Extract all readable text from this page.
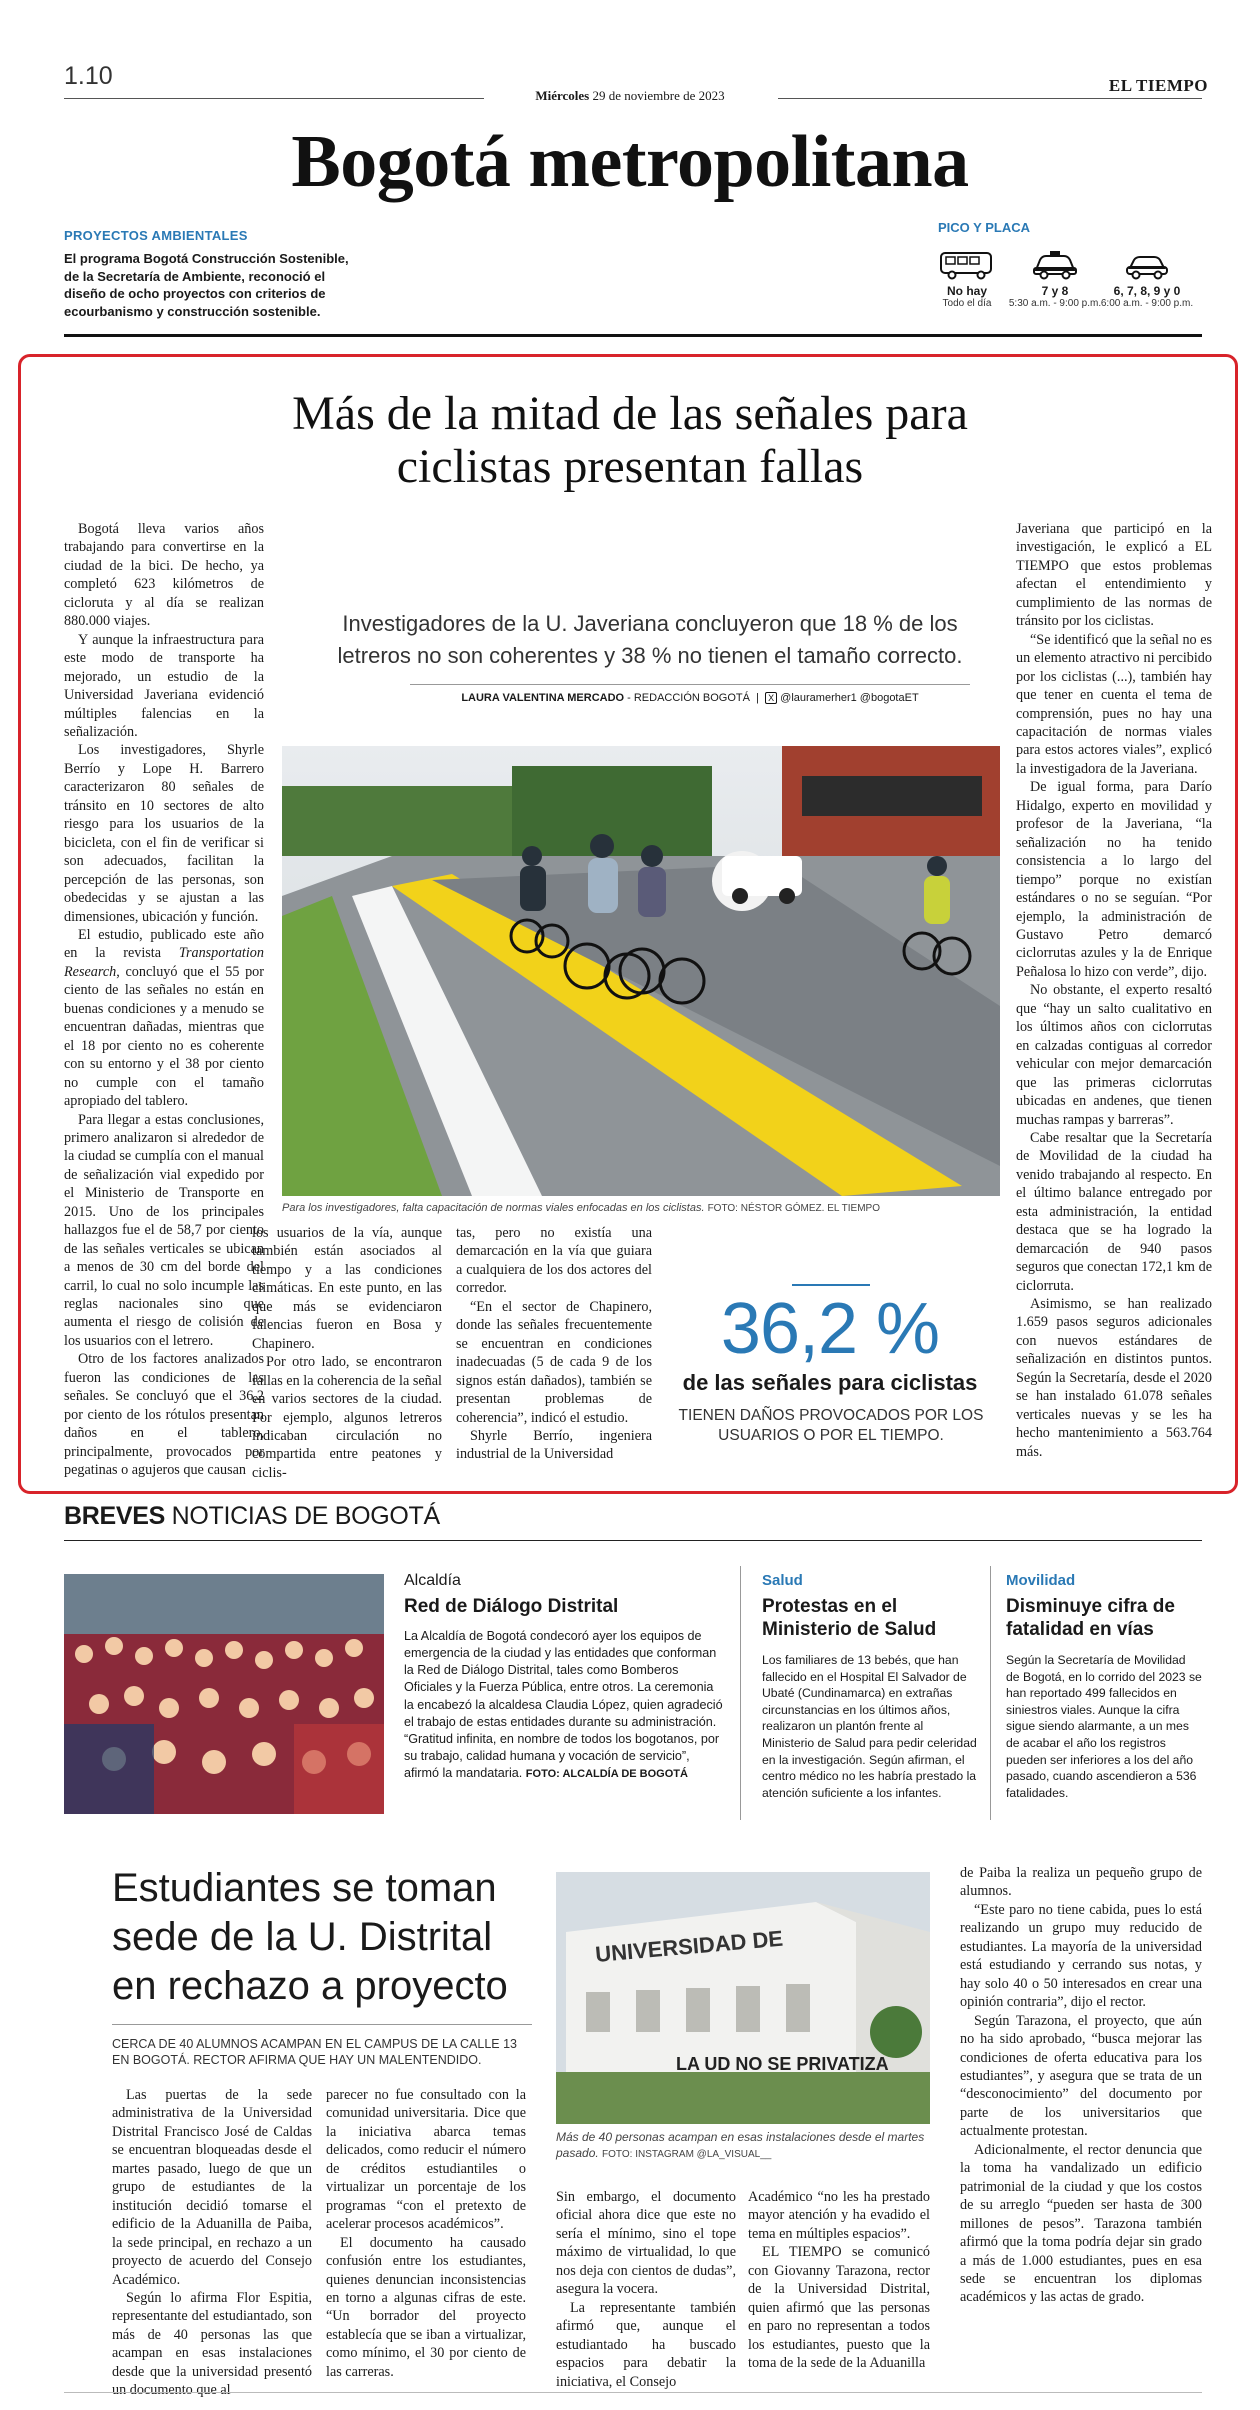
1.10
Miércoles 29 de noviembre de 2023
EL TIEMPO
Bogotá metropolitana
PROYECTOS AMBIENTALES
El programa Bogotá Construcción Sostenible, de la Secretaría de Ambiente, reconoció el diseño de ocho proyectos con criterios de ecourbanismo y construcción sostenible.
PICO Y PLACA
No hay
Todo el día
7 y 8
5:30 a.m. - 9:00 p.m.
6, 7, 8, 9 y 0
6:00 a.m. - 9:00 p.m.
Más de la mitad de las señales para ciclistas presentan fallas
Investigadores de la U. Javeriana concluyeron que 18 % de los letreros no son coherentes y 38 % no tienen el tamaño correcto.
LAURA VALENTINA MERCADO - REDACCIÓN BOGOTÁ  |  X @lauramerher1 @bogotaET

Bogotá lleva varios años trabajando para convertirse en la ciudad de la bici. De hecho, ya completó 623 kilómetros de cicloruta y al día se realizan 880.000 viajes.

Y aunque la infraestructura para este modo de transporte ha mejorado, un estudio de la Universidad Javeriana evidenció múltiples falencias en la señalización.

Los investigadores, Shyrle Berrío y Lope H. Barrero caracterizaron 80 señales de tránsito en 10 sectores de alto riesgo para los usuarios de la bicicleta, con el fin de verificar si son adecuados, facilitan la percepción de las personas, son obedecidas y se ajustan a las dimensiones, ubicación y función.

El estudio, publicado este año en la revista Transportation Research, concluyó que el 55 por ciento de las señales no están en buenas condiciones y a menudo se encuentran dañadas, mientras que el 18 por ciento no es coherente con su entorno y el 38 por ciento no cumple con el tamaño apropiado del tablero.

Para llegar a estas conclusiones, primero analizaron si alrededor de la ciudad se cumplía con el manual de señalización vial expedido por el Ministerio de Transporte en 2015. Uno de los principales hallazgos fue el de 58,7 por ciento de las señales verticales se ubican a menos de 30 cm del borde del carril, lo cual no solo incumple las reglas nacionales sino que aumenta el riesgo de colisión de los usuarios con el letrero.

Otro de los factores analizados fueron las condiciones de las señales. Se concluyó que el 36,2 por ciento de los rótulos presentan daños en el tablero, principalmente, provocados por pegatinas o agujeros que causan

Para los investigadores, falta capacitación de normas viales enfocadas en los ciclistas. FOTO: NÉSTOR GÓMEZ. EL TIEMPO

los usuarios de la vía, aunque también están asociados al tiempo y a las condiciones climáticas. En este punto, en las que más se evidenciaron falencias fueron en Bosa y Chapinero.

Por otro lado, se encontraron fallas en la coherencia de la señal en varios sectores de la ciudad. Por ejemplo, algunos letreros indicaban circulación no compartida entre peatones y ciclis-

tas, pero no existía una demarcación en la vía que guiara a cualquiera de los dos actores del corredor.

“En el sector de Chapinero, donde las señales frecuentemente se encuentran en condiciones inadecuadas (5 de cada 9 de los signos están dañados), también se presentan problemas de coherencia”, indicó el estudio.

Shyrle Berrío, ingeniera industrial de la Universidad

36,2 %
de las señales para ciclistas
TIENEN DAÑOS PROVOCADOS POR LOS USUARIOS O POR EL TIEMPO.

Javeriana que participó en la investigación, le explicó a EL TIEMPO que estos problemas afectan el entendimiento y cumplimiento de las normas de tránsito por los ciclistas.

“Se identificó que la señal no es un elemento atractivo ni percibido por los ciclistas (...), también hay que tener en cuenta el tema de comprensión, pues no hay una capacitación de normas viales para estos actores viales”, explicó la investigadora de la Javeriana.

De igual forma, para Darío Hidalgo, experto en movilidad y profesor de la Javeriana, “la señalización no ha tenido consistencia a lo largo del tiempo” porque no existían estándares o no se seguían. “Por ejemplo, la administración de Gustavo Petro demarcó ciclorrutas azules y la de Enrique Peñalosa lo hizo con verde”, dijo.

No obstante, el experto resaltó que “hay un salto cualitativo en los últimos años con ciclorrutas en calzadas contiguas al corredor vehicular con mejor demarcación que las primeras ciclorrutas ubicadas en andenes, que tienen muchas rampas y barreras”.

Cabe resaltar que la Secretaría de Movilidad de la ciudad ha venido trabajando al respecto. En el último balance entregado por esta administración, la entidad destaca que se ha logrado la demarcación de 940 pasos seguros que conectan 172,1 km de ciclorruta.

Asimismo, se han realizado 1.659 pasos seguros adicionales con nuevos estándares de señalización en distintos puntos. Según la Secretaría, desde el 2020 se han instalado 61.078 señales verticales nuevas y se les ha hecho mantenimiento a 563.764 más.

BREVES NOTICIAS DE BOGOTÁ
Alcaldía
Red de Diálogo Distrital
La Alcaldía de Bogotá condecoró ayer los equipos de emergencia de la ciudad y las entidades que conforman la Red de Diálogo Distrital, tales como Bomberos Oficiales y la Fuerza Pública, entre otros. La ceremonia la encabezó la alcaldesa Claudia López, quien agradeció el trabajo de estas entidades durante su administración. “Gratitud infinita, en nombre de todos los bogotanos, por su trabajo, calidad humana y vocación de servicio”, afirmó la mandataria. FOTO: ALCALDÍA DE BOGOTÁ
Salud
Protestas en el Ministerio de Salud
Los familiares de 13 bebés, que han fallecido en el Hospital El Salvador de Ubaté (Cundinamarca) en extrañas circunstancias en los últimos años, realizaron un plantón frente al Ministerio de Salud para pedir celeridad en la investigación. Según afirman, el centro médico no les habría prestado la atención suficiente a los infantes.
Movilidad
Disminuye cifra de fatalidad en vías
Según la Secretaría de Movilidad de Bogotá, en lo corrido del 2023 se han reportado 499 fallecidos en siniestros viales. Aunque la cifra sigue siendo alarmante, a un mes de acabar el año los registros pueden ser inferiores a los del año pasado, cuando ascendieron a 536 fatalidades.
Estudiantes se toman sede de la U. Distrital en rechazo a proyecto
CERCA DE 40 ALUMNOS ACAMPAN EN EL CAMPUS DE LA CALLE 13 EN BOGOTÁ. RECTOR AFIRMA QUE HAY UN MALENTENDIDO.
UNIVERSIDAD DE
LA UD NO SE PRIVATIZA
Más de 40 personas acampan en esas instalaciones desde el martes pasado. FOTO: INSTAGRAM @LA_VISUAL__

Las puertas de la sede administrativa de la Universidad Distrital Francisco José de Caldas se encuentran bloqueadas desde el martes pasado, luego de que un grupo de estudiantes de la institución decidió tomarse el edificio de la Aduanilla de Paiba, la sede principal, en rechazo a un proyecto de acuerdo del Consejo Académico.

Según lo afirma Flor Espitia, representante del estudiantado, son más de 40 personas las que acampan en esas instalaciones desde que la universidad presentó un documento que al

parecer no fue consultado con la comunidad universitaria. Dice que la iniciativa abarca temas delicados, como reducir el número de créditos estudiantiles o virtualizar un porcentaje de los programas “con el pretexto de acelerar procesos académicos”.

El documento ha causado confusión entre los estudiantes, quienes denuncian inconsistencias en torno a algunas cifras de este. “Un borrador del proyecto establecía que se iban a virtualizar, como mínimo, el 30 por ciento de las carreras.

Sin embargo, el documento oficial ahora dice que este no sería el mínimo, sino el tope máximo de virtualidad, lo que nos deja con cientos de dudas”, asegura la vocera.

La representante también afirmó que, aunque el estudiantado ha buscado espacios para debatir la iniciativa, el Consejo

Académico “no les ha prestado mayor atención y ha evadido el tema en múltiples espacios”.

EL TIEMPO se comunicó con Giovanny Tarazona, rector de la Universidad Distrital, quien afirmó que las personas en paro no representan a todos los estudiantes, puesto que la toma de la sede de la Aduanilla

de Paiba la realiza un pequeño grupo de alumnos.

“Este paro no tiene cabida, pues lo está realizando un grupo muy reducido de estudiantes. La mayoría de la universidad está estudiando y cerrando sus notas, y hay solo 40 o 50 interesados en crear una opinión contraria”, dijo el rector.

Según Tarazona, el proyecto, que aún no ha sido aprobado, “busca mejorar las condiciones de oferta educativa para los estudiantes”, y asegura que se trata de un “desconocimiento” del documento por parte de los universitarios que actualmente protestan.

Adicionalmente, el rector denuncia que la toma ha vandalizado un edificio patrimonial de la ciudad y que los costos de su arreglo “pueden ser hasta de 300 millones de pesos”. Tarazona también afirmó que la toma podría dejar sin grado a más de 1.000 estudiantes, pues en esa sede se encuentran los diplomas académicos y las actas de grado.
